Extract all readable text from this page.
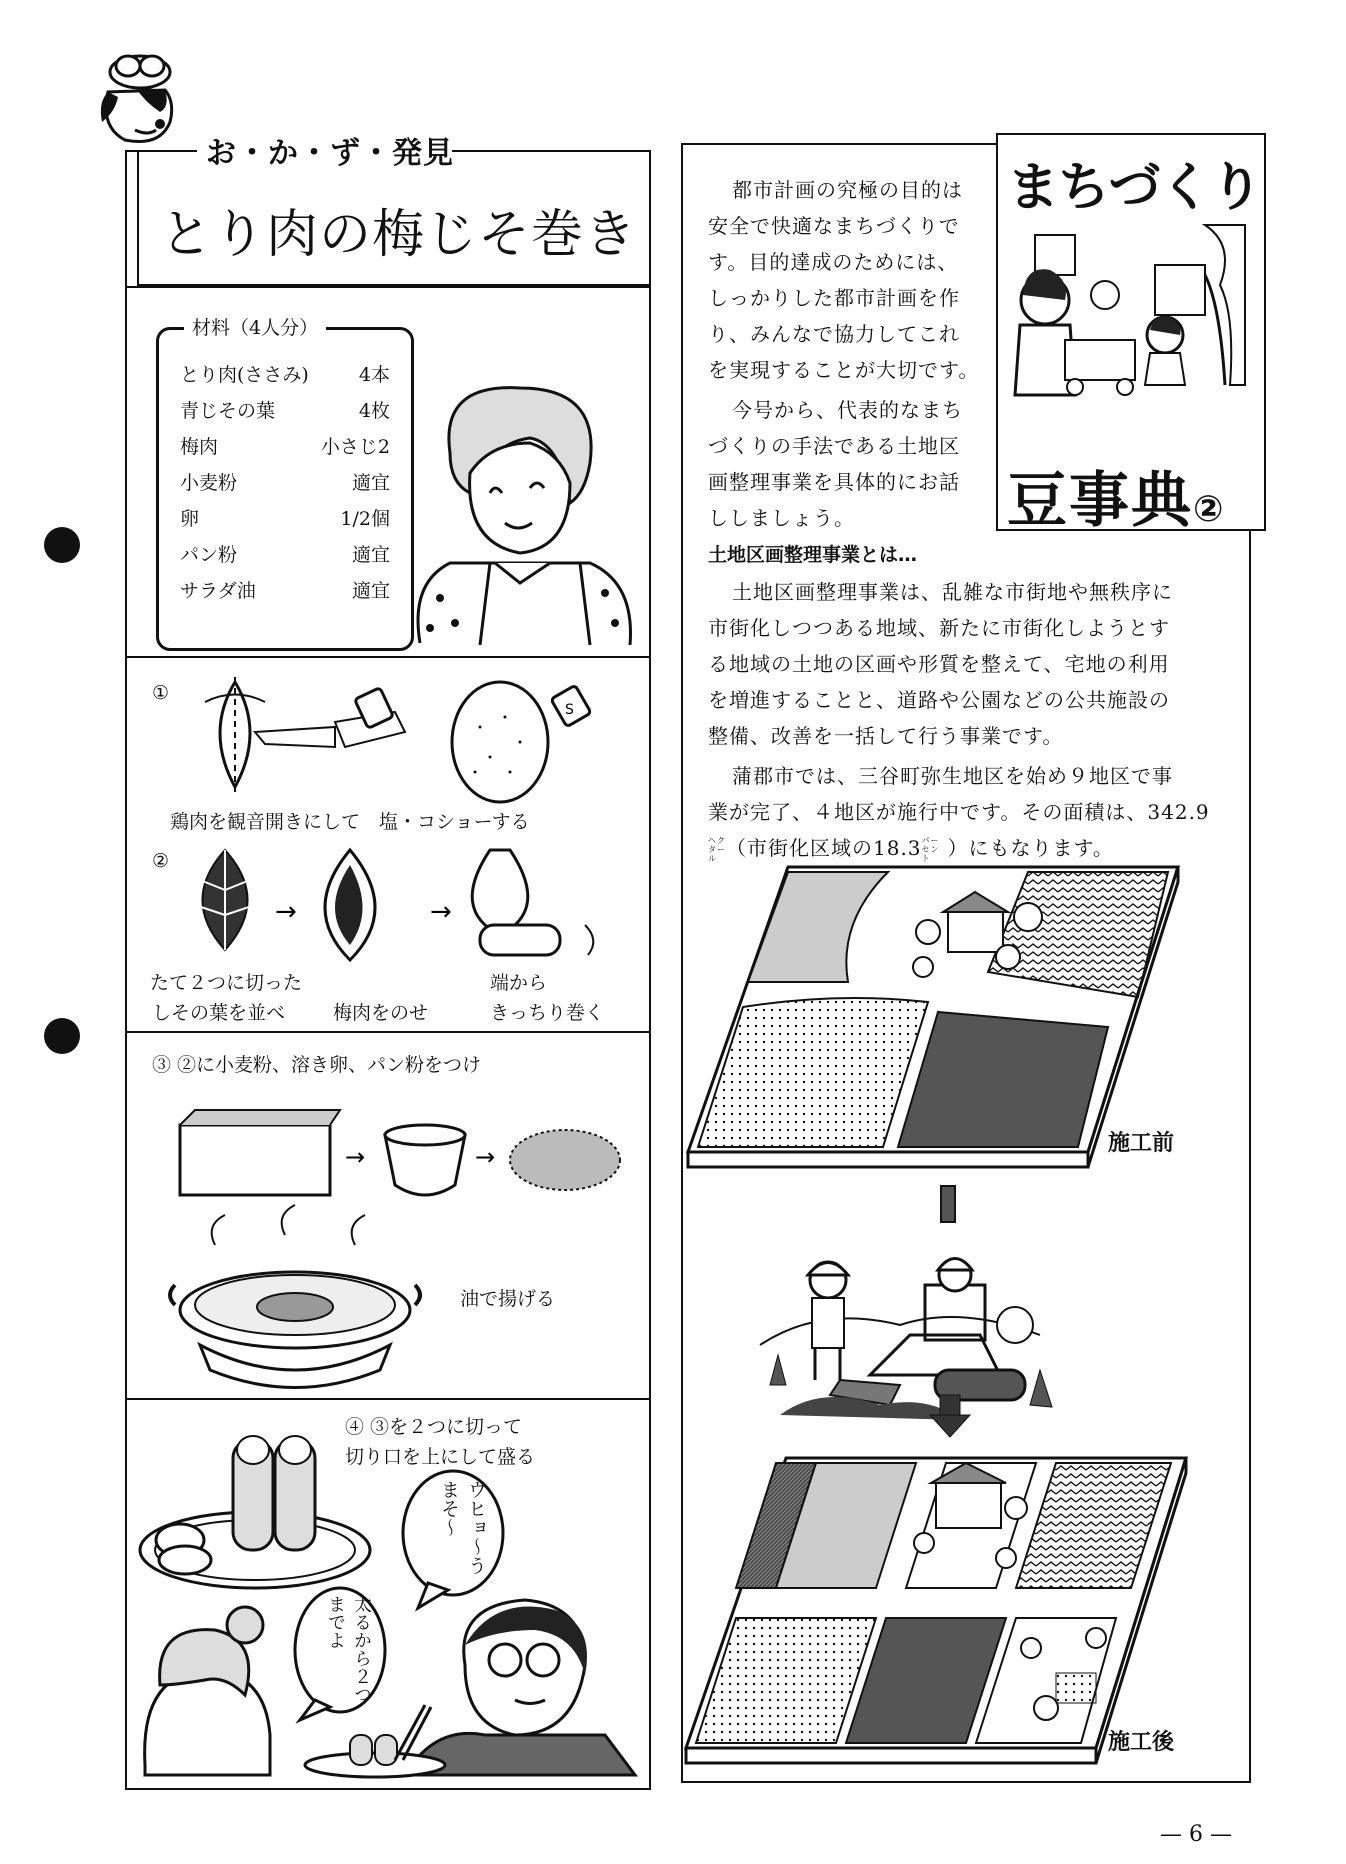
お・か・ず・発見
とり肉の梅じそ巻き
材料（4人分）
とり肉(ささみ)	4本
青じその葉	4枚
梅肉	小さじ2
小麦粉	適宜
卵	1/2個
パン粉	適宜
サラダ油	適宜
①
S
鶏肉を観音開きにして　塩・コショーする
②
→	→
たて２つに切った
しその葉を並べ	梅肉をのせ
端から
きっちり巻く
③ ②に小麦粉、溶き卵、パン粉をつけ
→	→
油で揚げる
④ ③を２つに切って
切り口を上にして盛る
ウヒョ〜うまそ〜
太るから２つまでよ
まちづくり
豆事典②
都市計画の究極の目的は
安全で快適なまちづくりで
す。目的達成のためには、
しっかりした都市計画を作
り、みんなで協力してこれ
を実現することが大切です。
今号から、代表的なまち
づくりの手法である土地区
画整理事業を具体的にお話
ししましょう。
土地区画整理事業とは…
土地区画整理事業は、乱雑な市街地や無秩序に
市街化しつつある地域、新たに市街化しようとす
る地域の土地の区画や形質を整えて、宅地の利用
を増進することと、道路や公園などの公共施設の
整備、改善を一括して行う事業です。
蒲郡市では、三谷町弥生地区を始め９地区で事
業が完了、４地区が施行中です。その面積は、342.9
ヘクタール （市街化区域の18.3パーセント ）にもなります。
施工前
施工後
— 6 —
